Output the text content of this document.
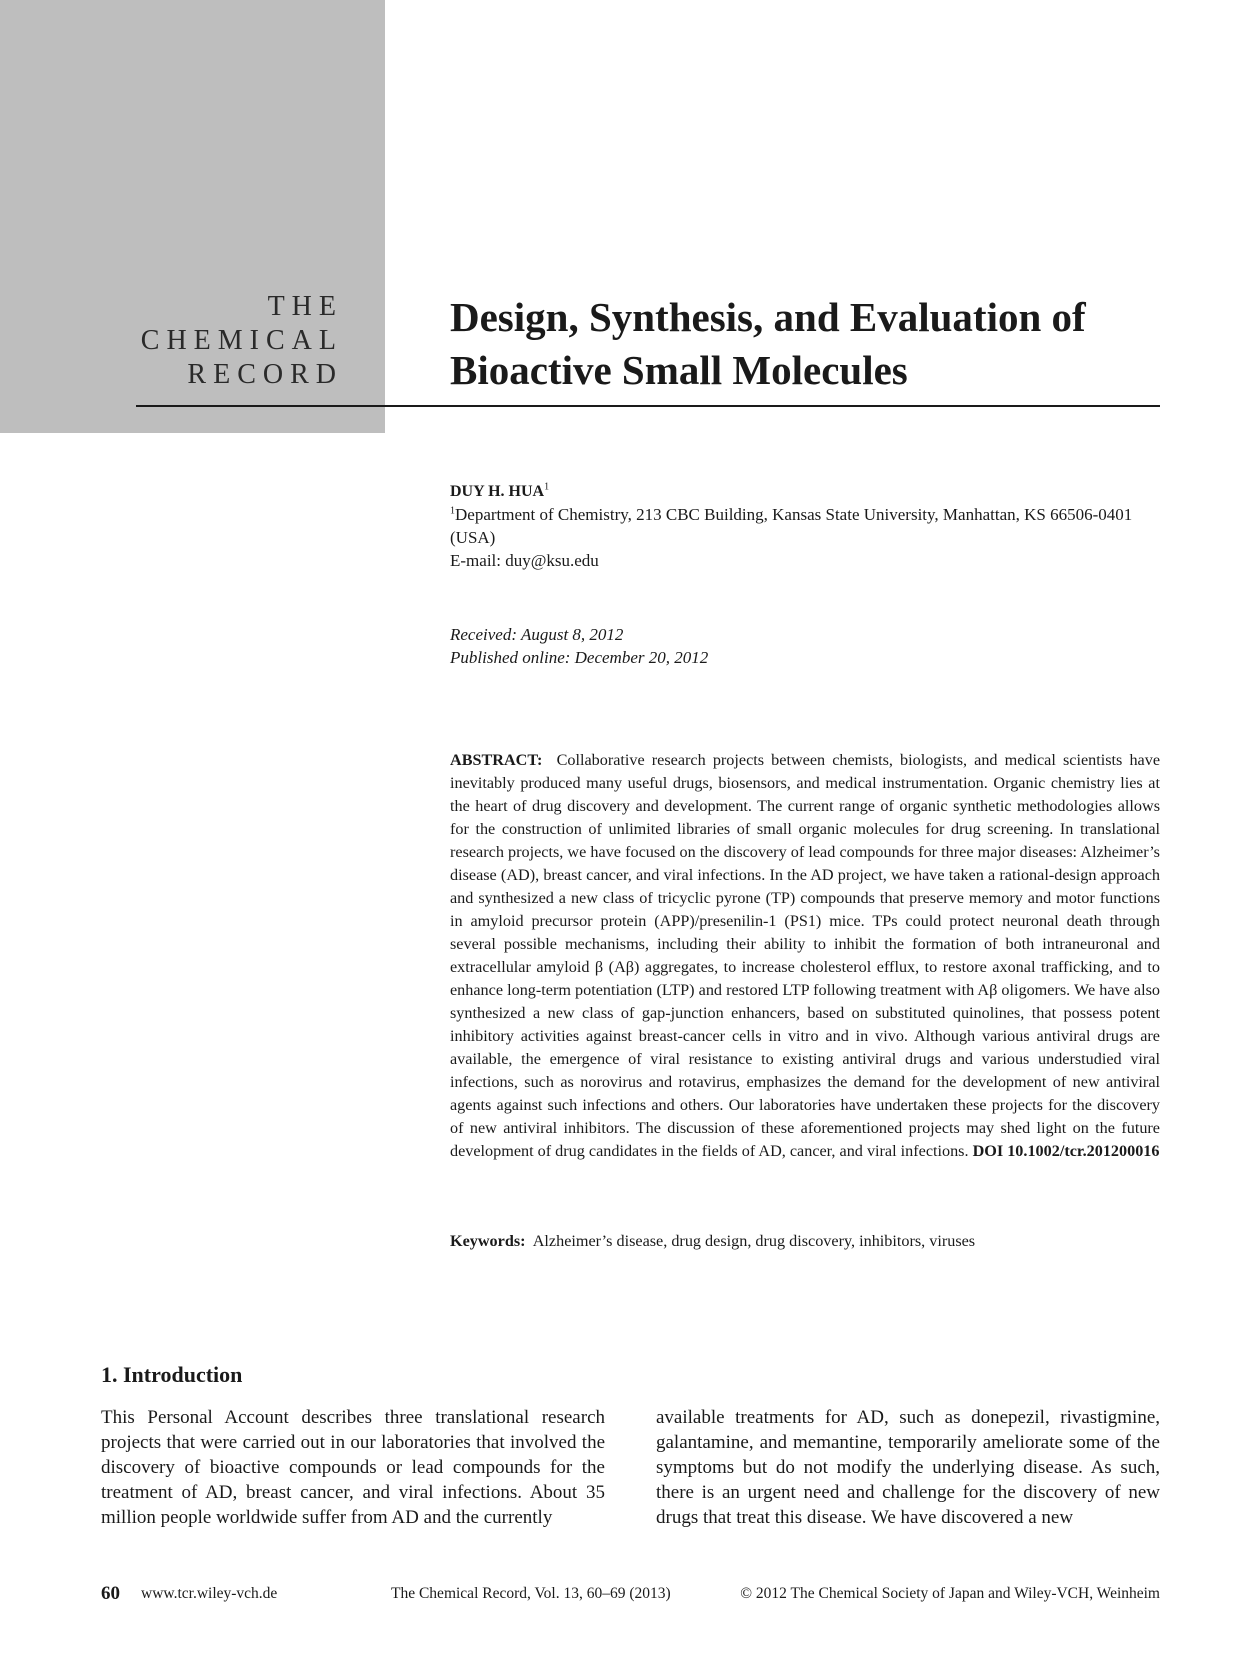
THE
CHEMICAL
RECORD
Design, Synthesis, and Evaluation of
Bioactive Small Molecules
DUY H. HUA$^1$
$^1$Department of Chemistry, 213 CBC Building, Kansas State University, Manhattan, KS 66506-0401 (USA)
E-mail: duy@ksu.edu
Received: August 8, 2012
Published online: December 20, 2012
ABSTRACT: Collaborative research projects between chemists, biologists, and medical scientists have inevitably produced many useful drugs, biosensors, and medical instrumentation. Organic chemistry lies at the heart of drug discovery and development. The current range of organic synthetic methodologies allows for the construction of unlimited libraries of small organic molecules for drug screening. In translational research projects, we have focused on the discovery of lead compounds for three major diseases: Alzheimer’s disease (AD), breast cancer, and viral infections. In the AD project, we have taken a rational-design approach and synthesized a new class of tricyclic pyrone (TP) compounds that preserve memory and motor functions in amyloid precursor protein (APP)/presenilin-1 (PS1) mice. TPs could protect neuronal death through several possible mechanisms, including their ability to inhibit the formation of both intraneuronal and extracellular amyloid β (Aβ) aggregates, to increase cholesterol efflux, to restore axonal trafficking, and to enhance long-term potentiation (LTP) and restored LTP following treatment with Aβ oligomers. We have also synthesized a new class of gap-junction enhancers, based on substituted quinolines, that possess potent inhibitory activities against breast-cancer cells in vitro and in vivo. Although various antiviral drugs are available, the emergence of viral resistance to existing antiviral drugs and various understudied viral infections, such as norovirus and rotavirus, emphasizes the demand for the development of new antiviral agents against such infections and others. Our laboratories have undertaken these projects for the discovery of new antiviral inhibitors. The discussion of these aforementioned projects may shed light on the future development of drug candidates in the fields of AD, cancer, and viral infections. DOI 10.1002/tcr.201200016
Keywords: Alzheimer’s disease, drug design, drug discovery, inhibitors, viruses
1. Introduction
This Personal Account describes three translational research projects that were carried out in our laboratories that involved the discovery of bioactive compounds or lead compounds for the treatment of AD, breast cancer, and viral infections. About 35 million people worldwide suffer from AD and the currently
available treatments for AD, such as donepezil, rivastigmine, galantamine, and memantine, temporarily ameliorate some of the symptoms but do not modify the underlying disease. As such, there is an urgent need and challenge for the discovery of new drugs that treat this disease. We have discovered a new
60 www.tcr.wiley-vch.de	The Chemical Record, Vol. 13, 60–69 (2013)	© 2012 The Chemical Society of Japan and Wiley-VCH, Weinheim
